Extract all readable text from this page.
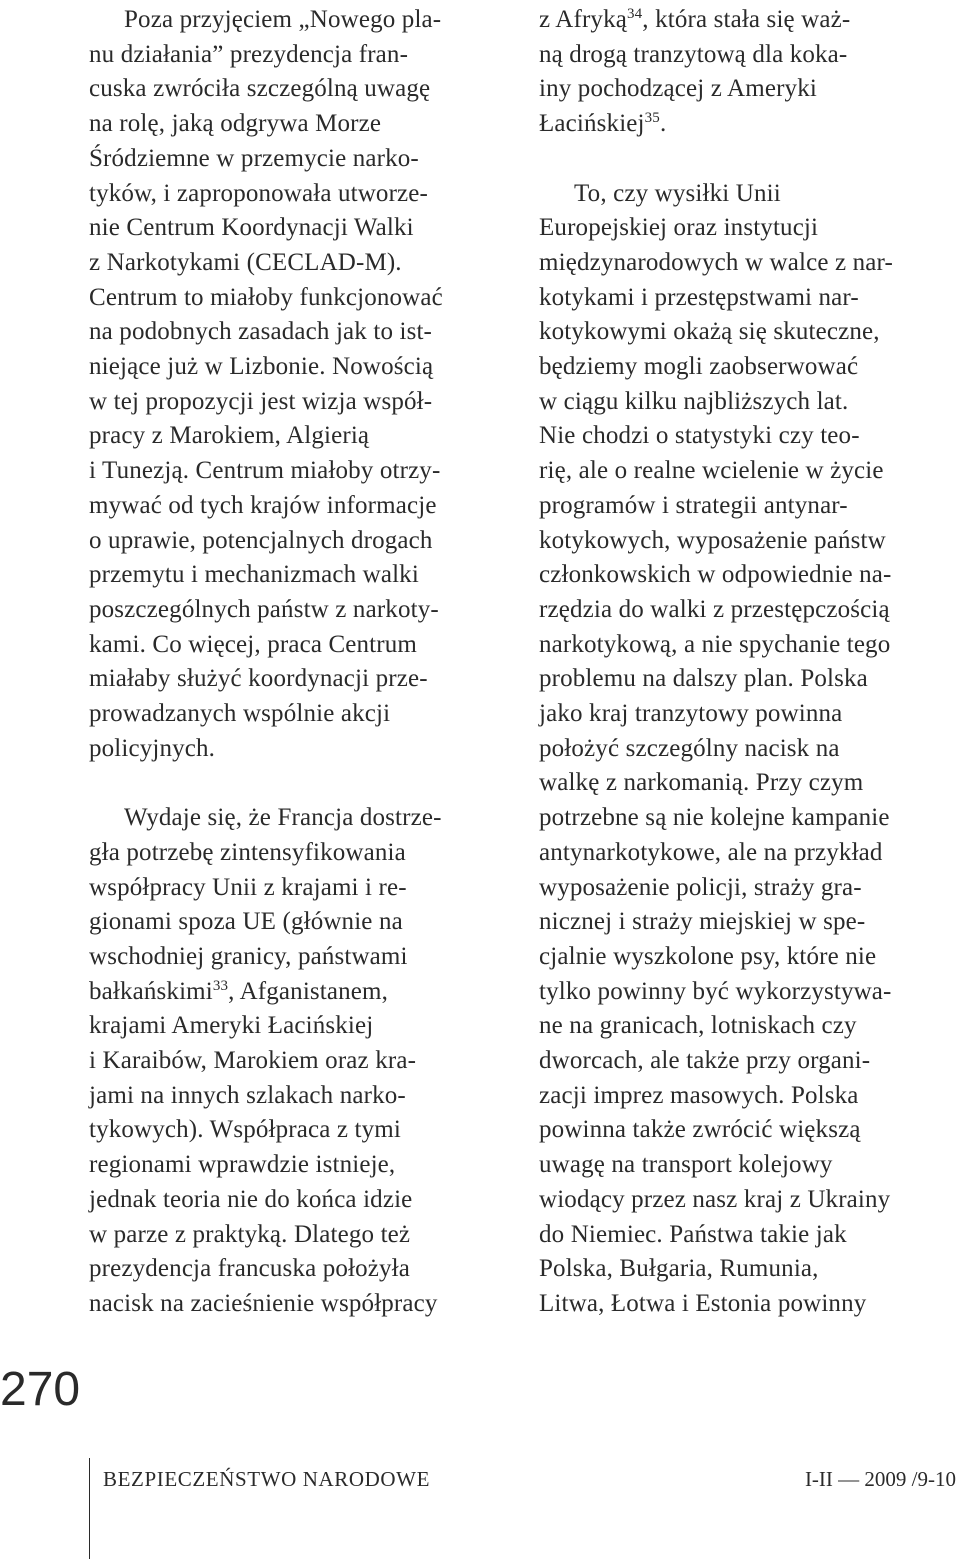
Poza przyjęciem „Nowego pla-
nu działania” prezydencja fran-
cuska zwróciła szczególną uwagę
na rolę, jaką odgrywa Morze
Śródziemne w przemycie narko-
tyków, i zaproponowała utworze-
nie Centrum Koordynacji Walki
z Narkotykami (CECLAD-M).
Centrum to miałoby funkcjonować
na podobnych zasadach jak to ist-
niejące już w Lizbonie. Nowością
w tej propozycji jest wizja współ-
pracy z Marokiem, Algierią
i Tunezją. Centrum miałoby otrzy-
mywać od tych krajów informacje
o uprawie, potencjalnych drogach
przemytu i mechanizmach walki
poszczególnych państw z narkoty-
kami. Co więcej, praca Centrum
miałaby służyć koordynacji prze-
prowadzanych wspólnie akcji
policyjnych.
Wydaje się, że Francja dostrze-
gła potrzebę zintensyfikowania
współpracy Unii z krajami i re-
gionami spoza UE (głównie na
wschodniej granicy, państwami
bałkańskimi$^{33}$, Afganistanem,
krajami Ameryki Łacińskiej
i Karaibów, Marokiem oraz kra-
jami na innych szlakach narko-
tykowych). Współpraca z tymi
regionami wprawdzie istnieje,
jednak teoria nie do końca idzie
w parze z praktyką. Dlatego też
prezydencja francuska położyła
nacisk na zacieśnienie współpracy
z Afryką$^{34}$, która stała się waż-
ną drogą tranzytową dla koka-
iny pochodzącej z Ameryki
Łacińskiej$^{35}$.
To, czy wysiłki Unii
Europejskiej oraz instytucji
międzynarodowych w walce z nar-
kotykami i przestępstwami nar-
kotykowymi okażą się skuteczne,
będziemy mogli zaobserwować
w ciągu kilku najbliższych lat.
Nie chodzi o statystyki czy teo-
rię, ale o realne wcielenie w życie
programów i strategii antynar-
kotykowych, wyposażenie państw
członkowskich w odpowiednie na-
rzędzia do walki z przestępczością
narkotykową, a nie spychanie tego
problemu na dalszy plan. Polska
jako kraj tranzytowy powinna
położyć szczególny nacisk na
walkę z narkomanią. Przy czym
potrzebne są nie kolejne kampanie
antynarkotykowe, ale na przykład
wyposażenie policji, straży gra-
nicznej i straży miejskiej w spe-
cjalnie wyszkolone psy, które nie
tylko powinny być wykorzystywa-
ne na granicach, lotniskach czy
dworcach, ale także przy organi-
zacji imprez masowych. Polska
powinna także zwrócić większą
uwagę na transport kolejowy
wiodący przez nasz kraj z Ukrainy
do Niemiec. Państwa takie jak
Polska, Bułgaria, Rumunia,
Litwa, Łotwa i Estonia powinny
270
BEZPIECZEŃSTWO NARODOWE	I-II — 2009 /9-10
